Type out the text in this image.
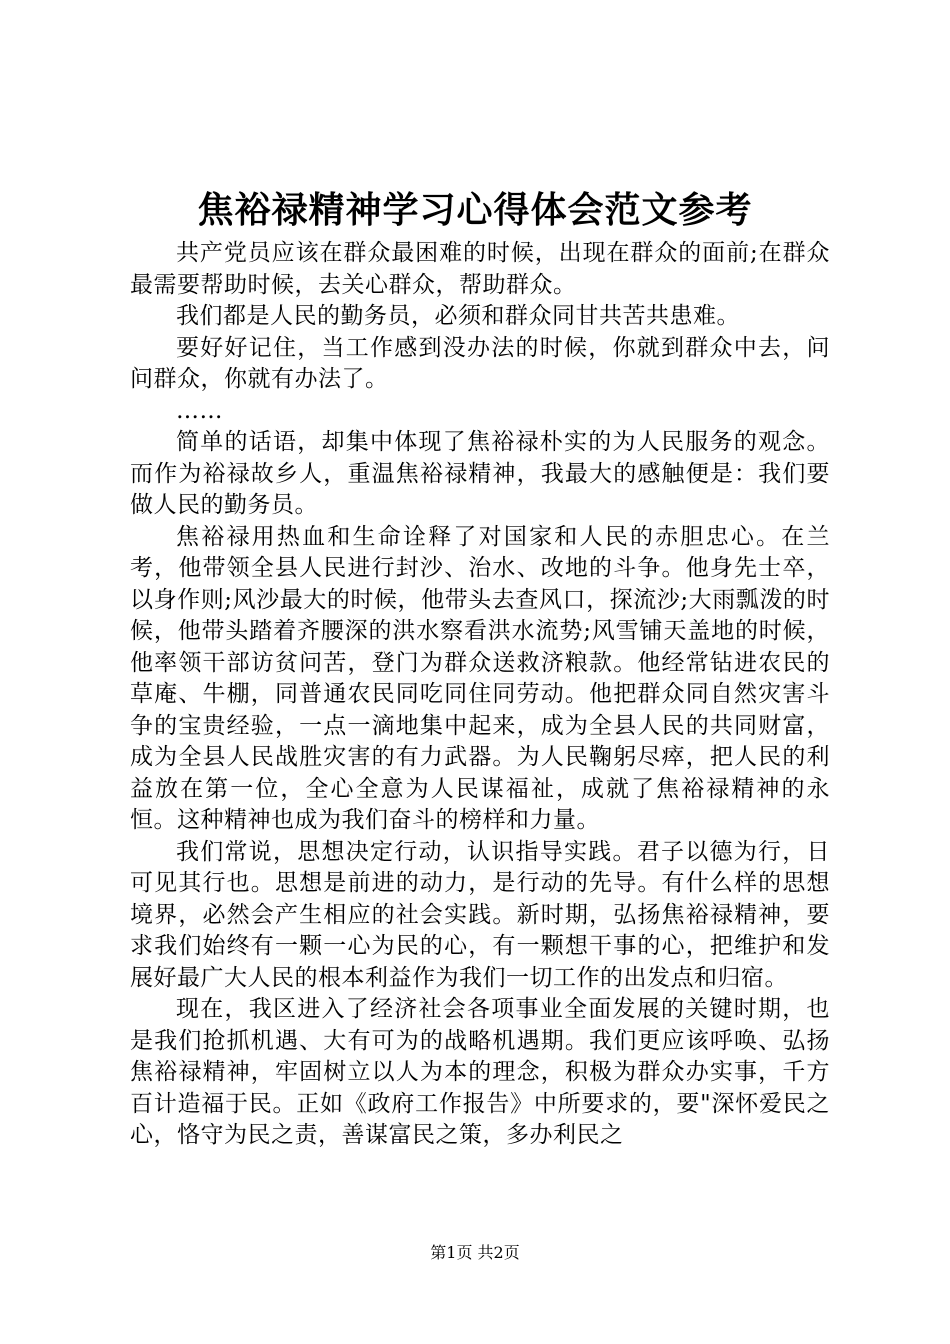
焦裕禄精神学习心得体会范文参考

共产党员应该在群众最困难的时候，出现在群众的面前;在群众最需要帮助时候，去关心群众，帮助群众。

我们都是人民的勤务员，必须和群众同甘共苦共患难。

要好好记住，当工作感到没办法的时候，你就到群众中去，问问群众，你就有办法了。

……

简单的话语，却集中体现了焦裕禄朴实的为人民服务的观念。而作为裕禄故乡人，重温焦裕禄精神，我最大的感触便是：我们要做人民的勤务员。

焦裕禄用热血和生命诠释了对国家和人民的赤胆忠心。在兰考，他带领全县人民进行封沙、治水、改地的斗争。他身先士卒，以身作则;风沙最大的时候，他带头去查风口，探流沙;大雨瓢泼的时候，他带头踏着齐腰深的洪水察看洪水流势;风雪铺天盖地的时候，他率领干部访贫问苦，登门为群众送救济粮款。他经常钻进农民的草庵、牛棚，同普通农民同吃同住同劳动。他把群众同自然灾害斗争的宝贵经验，一点一滴地集中起来，成为全县人民的共同财富，成为全县人民战胜灾害的有力武器。为人民鞠躬尽瘁，把人民的利益放在第一位，全心全意为人民谋福祉，成就了焦裕禄精神的永恒。这种精神也成为我们奋斗的榜样和力量。

我们常说，思想决定行动，认识指导实践。君子以德为行，日可见其行也。思想是前进的动力，是行动的先导。有什么样的思想境界，必然会产生相应的社会实践。新时期，弘扬焦裕禄精神，要求我们始终有一颗一心为民的心，有一颗想干事的心，把维护和发展好最广大人民的根本利益作为我们一切工作的出发点和归宿。

现在，我区进入了经济社会各项事业全面发展的关键时期，也是我们抢抓机遇、大有可为的战略机遇期。我们更应该呼唤、弘扬焦裕禄精神，牢固树立以人为本的理念，积极为群众办实事，千方百计造福于民。正如《政府工作报告》中所要求的，要"深怀爱民之心，恪守为民之责，善谋富民之策，多办利民之

第1页 共2页
